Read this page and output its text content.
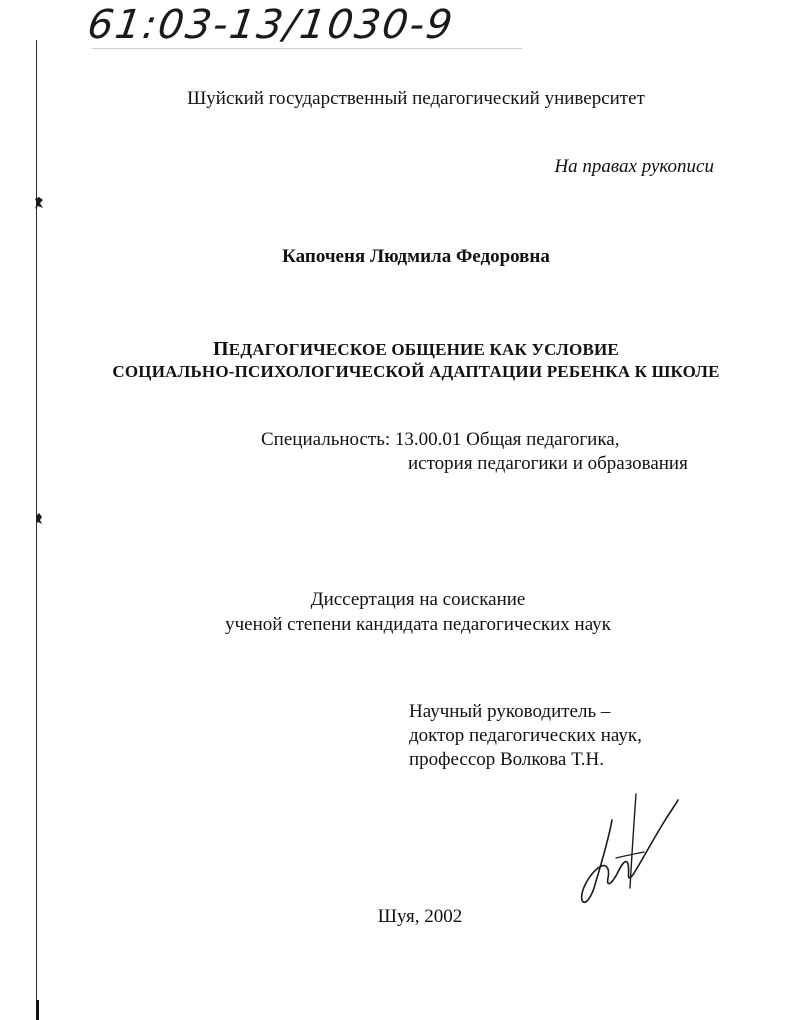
61:03-13/1030-9
Шуйский государственный педагогический университет
На правах рукописи
Капоченя Людмила Федоровна
ПЕДАГОГИЧЕСКОЕ ОБЩЕНИЕ КАК УСЛОВИЕ
СОЦИАЛЬНО-ПСИХОЛОГИЧЕСКОЙ АДАПТАЦИИ РЕБЕНКА К ШКОЛЕ
Специальность: 13.00.01 Общая педагогика,
история педагогики и образования
Диссертация на соискание
ученой степени кандидата педагогических наук
Научный руководитель –
доктор педагогических наук,
профессор Волкова Т.Н.
Шуя, 2002
